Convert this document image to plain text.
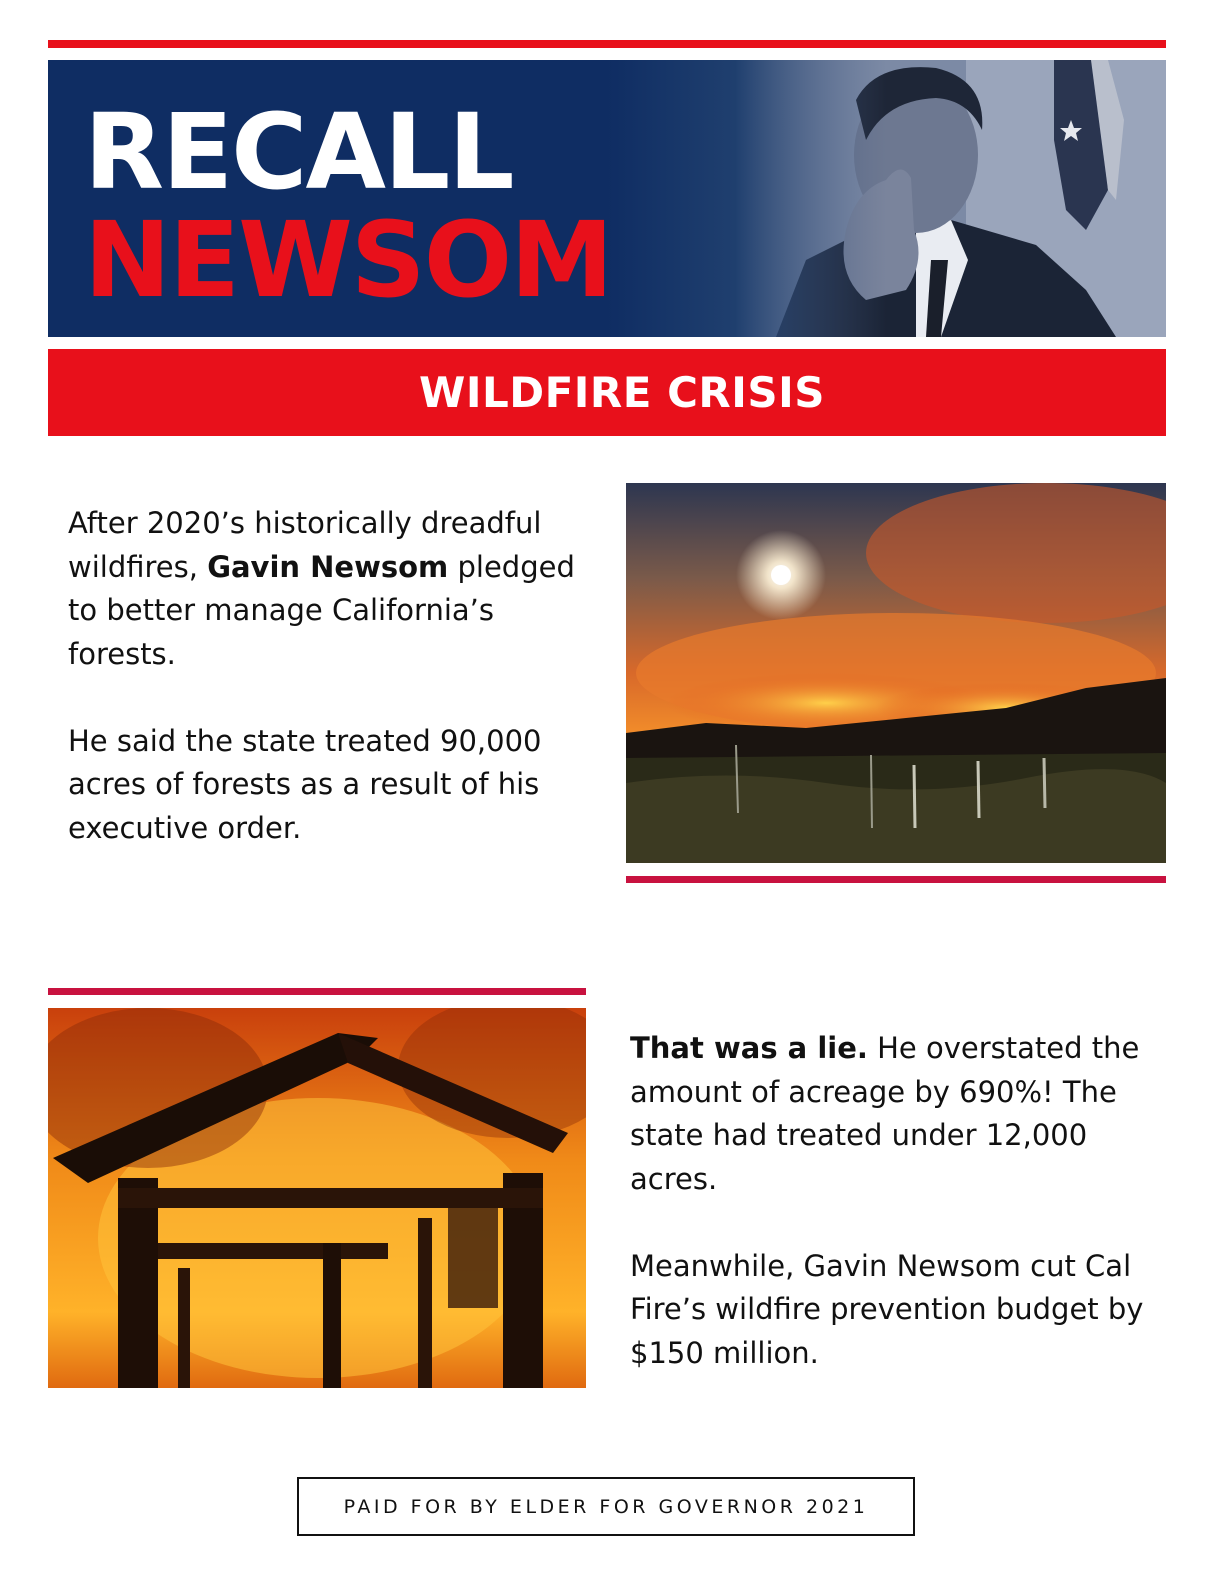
RECALL
NEWSOM
WILDFIRE CRISIS

After 2020’s historically dreadful wildfires, Gavin Newsom pledged to better manage California’s forests.

He said the state treated 90,000 acres of forests as a result of his executive order.

That was a lie. He overstated the amount of acreage by 690%! The state had treated under 12,000 acres.

Meanwhile, Gavin Newsom cut Cal Fire’s wildfire prevention budget by $150 million.

PAID FOR BY ELDER FOR GOVERNOR 2021
